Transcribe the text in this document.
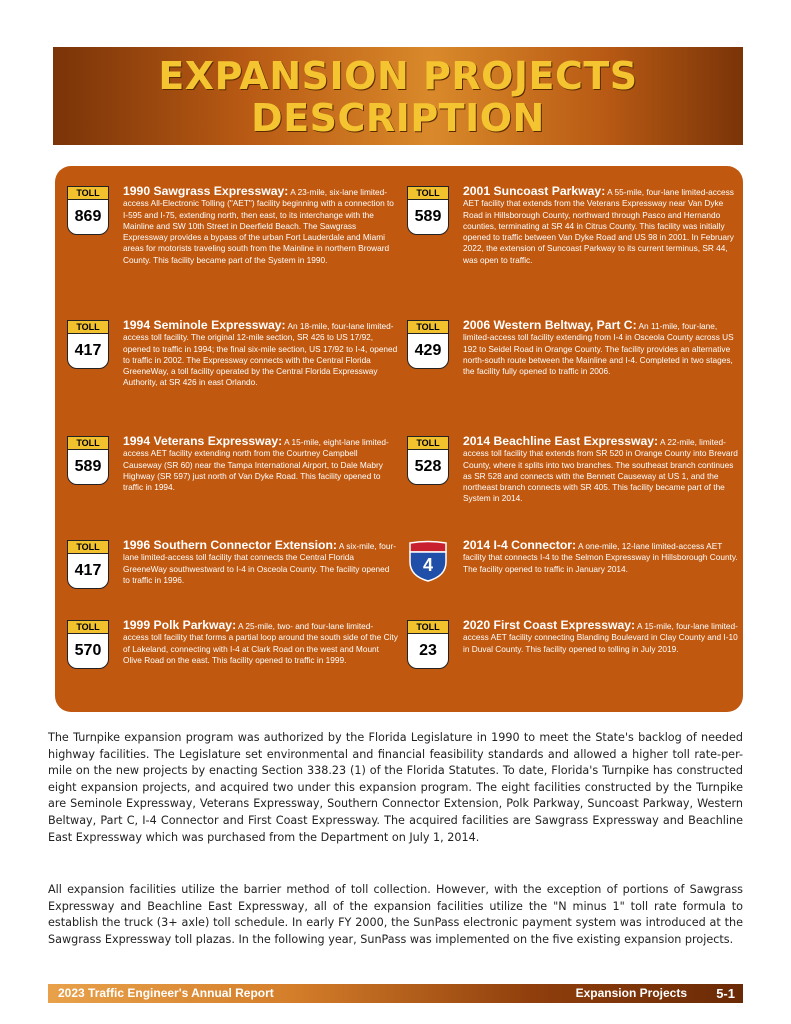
EXPANSION PROJECTS
DESCRIPTION
TOLL
869
1990 Sawgrass Expressway: A 23-mile, six-lane limited-access All-Electronic Tolling ("AET") facility beginning with a connection to I-595 and I-75, extending north, then east, to its interchange with the Mainline and SW 10th Street in Deerfield Beach. The Sawgrass Expressway provides a bypass of the urban Fort Lauderdale and Miami areas for motorists traveling south from the Mainline in northern Broward County. This facility became part of the System in 1990.
TOLL
417
1994 Seminole Expressway: An 18-mile, four-lane limited-access toll facility. The original 12-mile section, SR 426 to US 17/92, opened to traffic in 1994; the final six-mile section, US 17/92 to I-4, opened to traffic in 2002. The Expressway connects with the Central Florida GreeneWay, a toll facility operated by the Central Florida Expressway Authority, at SR 426 in east Orlando.
TOLL
589
1994 Veterans Expressway: A 15-mile, eight-lane limited-access AET facility extending north from the Courtney Campbell Causeway (SR 60) near the Tampa International Airport, to Dale Mabry Highway (SR 597) just north of Van Dyke Road. This facility opened to traffic in 1994.
TOLL
417
1996 Southern Connector Extension: A six-mile, four-lane limited-access toll facility that connects the Central Florida GreeneWay southwestward to I-4 in Osceola County. The facility opened to traffic in 1996.
TOLL
570
1999 Polk Parkway: A 25-mile, two- and four-lane limited-access toll facility that forms a partial loop around the south side of the City of Lakeland, connecting with I-4 at Clark Road on the west and Mount Olive Road on the east. This facility opened to traffic in 1999.
TOLL
589
2001 Suncoast Parkway: A 55-mile, four-lane limited-access AET facility that extends from the Veterans Expressway near Van Dyke Road in Hillsborough County, northward through Pasco and Hernando counties, terminating at SR 44 in Citrus County. This facility was initially opened to traffic between Van Dyke Road and US 98 in 2001. In February 2022, the extension of Suncoast Parkway to its current terminus, SR 44, was open to traffic.
TOLL
429
2006 Western Beltway, Part C: An 11-mile, four-lane, limited-access toll facility extending from I-4 in Osceola County across US 192 to Seidel Road in Orange County. The facility provides an alternative north-south route between the Mainline and I-4. Completed in two stages, the facility fully opened to traffic in 2006.
TOLL
528
2014 Beachline East Expressway: A 22-mile, limited-access toll facility that extends from SR 520 in Orange County into Brevard County, where it splits into two branches. The southeast branch continues as SR 528 and connects with the Bennett Causeway at US 1, and the northeast branch connects with SR 405. This facility became part of the System in 2014.
4
2014 I-4 Connector: A one-mile, 12-lane limited-access AET facility that connects I-4 to the Selmon Expressway in Hillsborough County. The facility opened to traffic in January 2014.
TOLL
23
2020 First Coast Expressway: A 15-mile, four-lane limited-access AET facility connecting Blanding Boulevard in Clay County and I-10 in Duval County. This facility opened to tolling in July 2019.
The Turnpike expansion program was authorized by the Florida Legislature in 1990 to meet the State's backlog of needed highway facilities. The Legislature set environmental and financial feasibility standards and allowed a higher toll rate-per-mile on the new projects by enacting Section 338.23 (1) of the Florida Statutes. To date, Florida's Turnpike has constructed eight expansion projects, and acquired two under this expansion program. The eight facilities constructed by the Turnpike are Seminole Expressway, Veterans Expressway, Southern Connector Extension, Polk Parkway, Suncoast Parkway, Western Beltway, Part C, I-4 Connector and First Coast Expressway. The acquired facilities are Sawgrass Expressway and Beachline East Expressway which was purchased from the Department on July 1, 2014.
All expansion facilities utilize the barrier method of toll collection. However, with the exception of portions of Sawgrass Expressway and Beachline East Expressway, all of the expansion facilities utilize the "N minus 1" toll rate formula to establish the truck (3+ axle) toll schedule. In early FY 2000, the SunPass electronic payment system was introduced at the Sawgrass Expressway toll plazas. In the following year, SunPass was implemented on the five existing expansion projects.
2023 Traffic Engineer's Annual Report	Expansion Projects 5-1
